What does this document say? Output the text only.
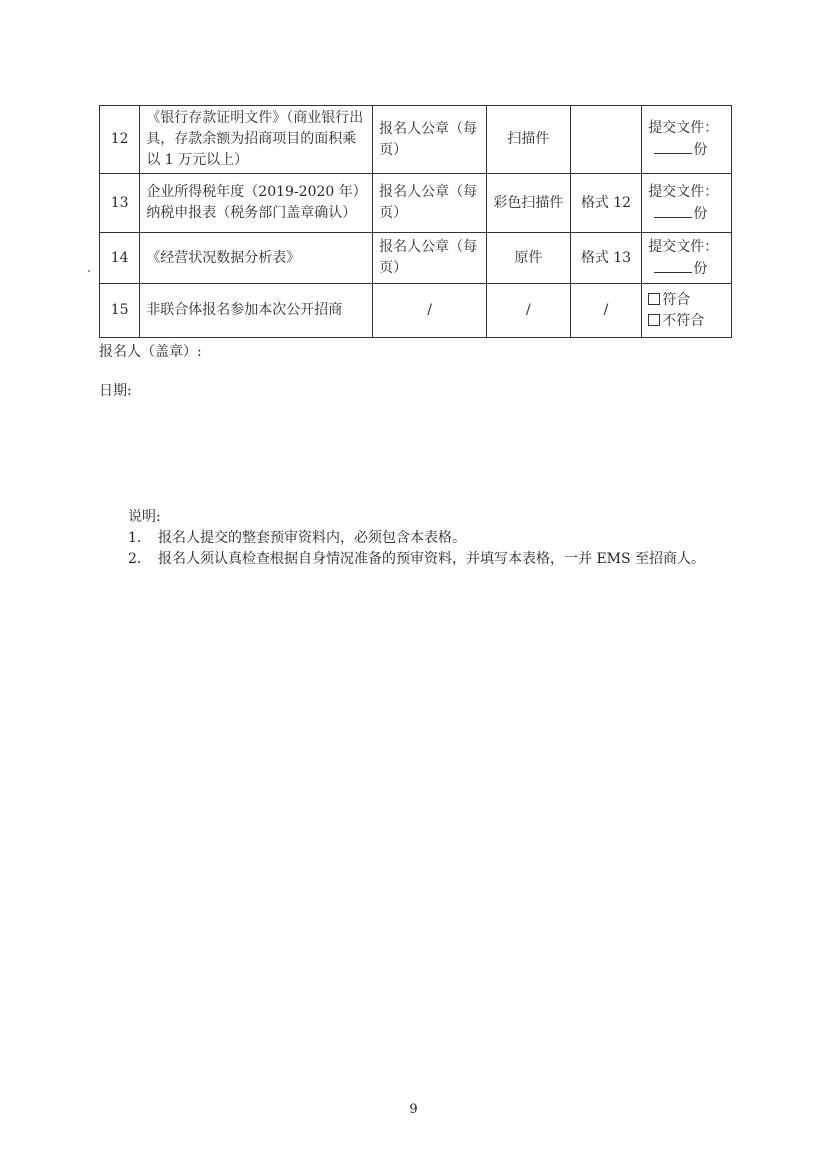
12	《银行存款证明文件》（商业银行出具，存款余额为招商项目的面积乘以 1 万元以上）	报名人公章（每页）	扫描件		提交文件：
份

13	企业所得税年度（2019-2020 年）纳税申报表（税务部门盖章确认）	报名人公章（每页）	彩色扫描件	格式 12	提交文件：
份

14	《经营状况数据分析表》	报名人公章（每页）	原件	格式 13	提交文件：
份

15	非联合体报名参加本次公开招商	/	/	/	符合
不符合
报名人（盖章）:
日期:
说明:
1. 报名人提交的整套预审资料内，必须包含本表格。
2. 报名人须认真检查根据自身情况准备的预审资料，并填写本表格，一并 EMS 至招商人。
9
